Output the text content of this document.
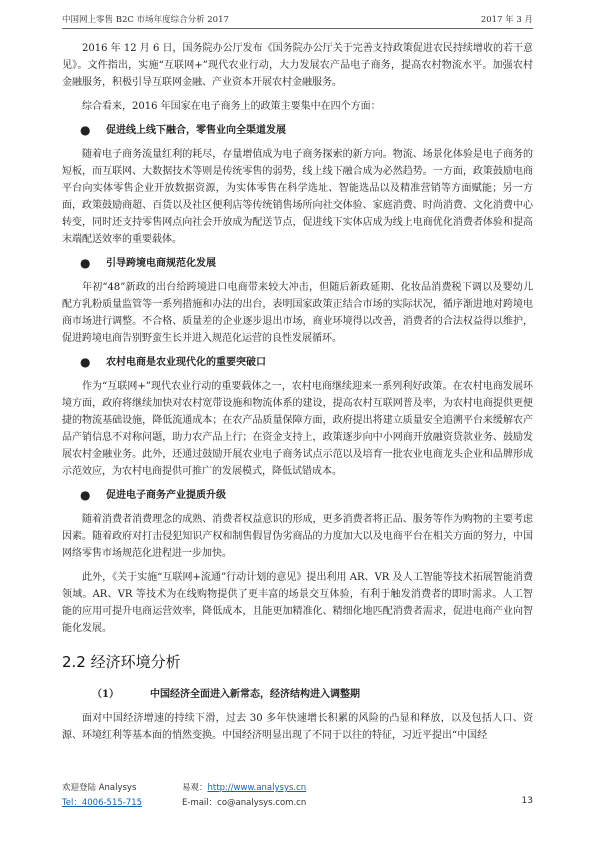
中国网上零售 B2C 市场年度综合分析 2017	2017 年 3 月

2016 年 12 月 6 日，国务院办公厅发布《国务院办公厅关于完善支持政策促进农民持续增收的若干意见》。文件指出，实施“互联网+”现代农业行动，大力发展农产品电子商务，提高农村物流水平。加强农村金融服务，积极引导互联网金融、产业资本开展农村金融服务。

综合看来，2016 年国家在电子商务上的政策主要集中在四个方面：

●	促进线上线下融合，零售业向全渠道发展

随着电子商务流量红利的耗尽，存量增值成为电子商务探索的新方向。物流、场景化体验是电子商务的短板，而互联网、大数据技术等则是传统零售的弱势，线上线下融合成为必然趋势。一方面，政策鼓励电商平台向实体零售企业开放数据资源，为实体零售在科学选址、智能选品以及精准营销等方面赋能；另一方面，政策鼓励商超、百货以及社区便利店等传统销售场所向社交体验、家庭消费、时尚消费、文化消费中心转变，同时还支持零售网点向社会开放成为配送节点，促进线下实体店成为线上电商优化消费者体验和提高末端配送效率的重要载体。

●	引导跨境电商规范化发展

年初“48”新政的出台给跨境进口电商带来较大冲击，但随后新政延期、化妆品消费税下调以及婴幼儿配方乳粉质量监管等一系列措施和办法的出台，表明国家政策正结合市场的实际状况，循序渐进地对跨境电商市场进行调整。不合格、质量差的企业逐步退出市场，商业环境得以改善，消费者的合法权益得以维护，促进跨境电商告别野蛮生长并进入规范化运营的良性发展循环。

●	农村电商是农业现代化的重要突破口

作为“互联网+”现代农业行动的重要载体之一，农村电商继续迎来一系列利好政策。在农村电商发展环境方面，政府将继续加快对农村宽带设施和物流体系的建设，提高农村互联网普及率，为农村电商提供更便捷的物流基础设施，降低流通成本；在农产品质量保障方面，政府提出将建立质量安全追溯平台来缓解农产品产销信息不对称问题，助力农产品上行；在资金支持上，政策逐步向中小网商开放融资贷款业务、鼓励发展农村金融业务。此外，还通过鼓励开展农业电子商务试点示范以及培育一批农业电商龙头企业和品牌形成示范效应，为农村电商提供可推广的发展模式，降低试错成本。

●	促进电子商务产业提质升级

随着消费者消费理念的成熟、消费者权益意识的形成，更多消费者将正品、服务等作为购物的主要考虑因素。随着政府对打击侵犯知识产权和制售假冒伪劣商品的力度加大以及电商平台在相关方面的努力，中国网络零售市场规范化进程进一步加快。

此外，《关于实施“互联网+流通”行动计划的意见》提出利用 AR、VR 及人工智能等技术拓展智能消费领域。AR、VR 等技术为在线购物提供了更丰富的场景交互体验，有利于触发消费者的即时需求。人工智能的应用可提升电商运营效率，降低成本，且能更加精准化、精细化地匹配消费者需求，促进电商产业向智能化发展。

2.2 经济环境分析
（1）	中国经济全面进入新常态，经济结构进入调整期

面对中国经济增速的持续下滑，过去 30 多年快速增长积累的风险的凸显和释放，以及包括人口、资源、环境红利等基本面的悄然变换。中国经济明显出现了不同于以往的特征，习近平提出“中国经

欢迎登陆 Analysys	易观：http://www.analysys.cn
Tel：4006-515-715	E-mail：co@analysys.com.cn	13
